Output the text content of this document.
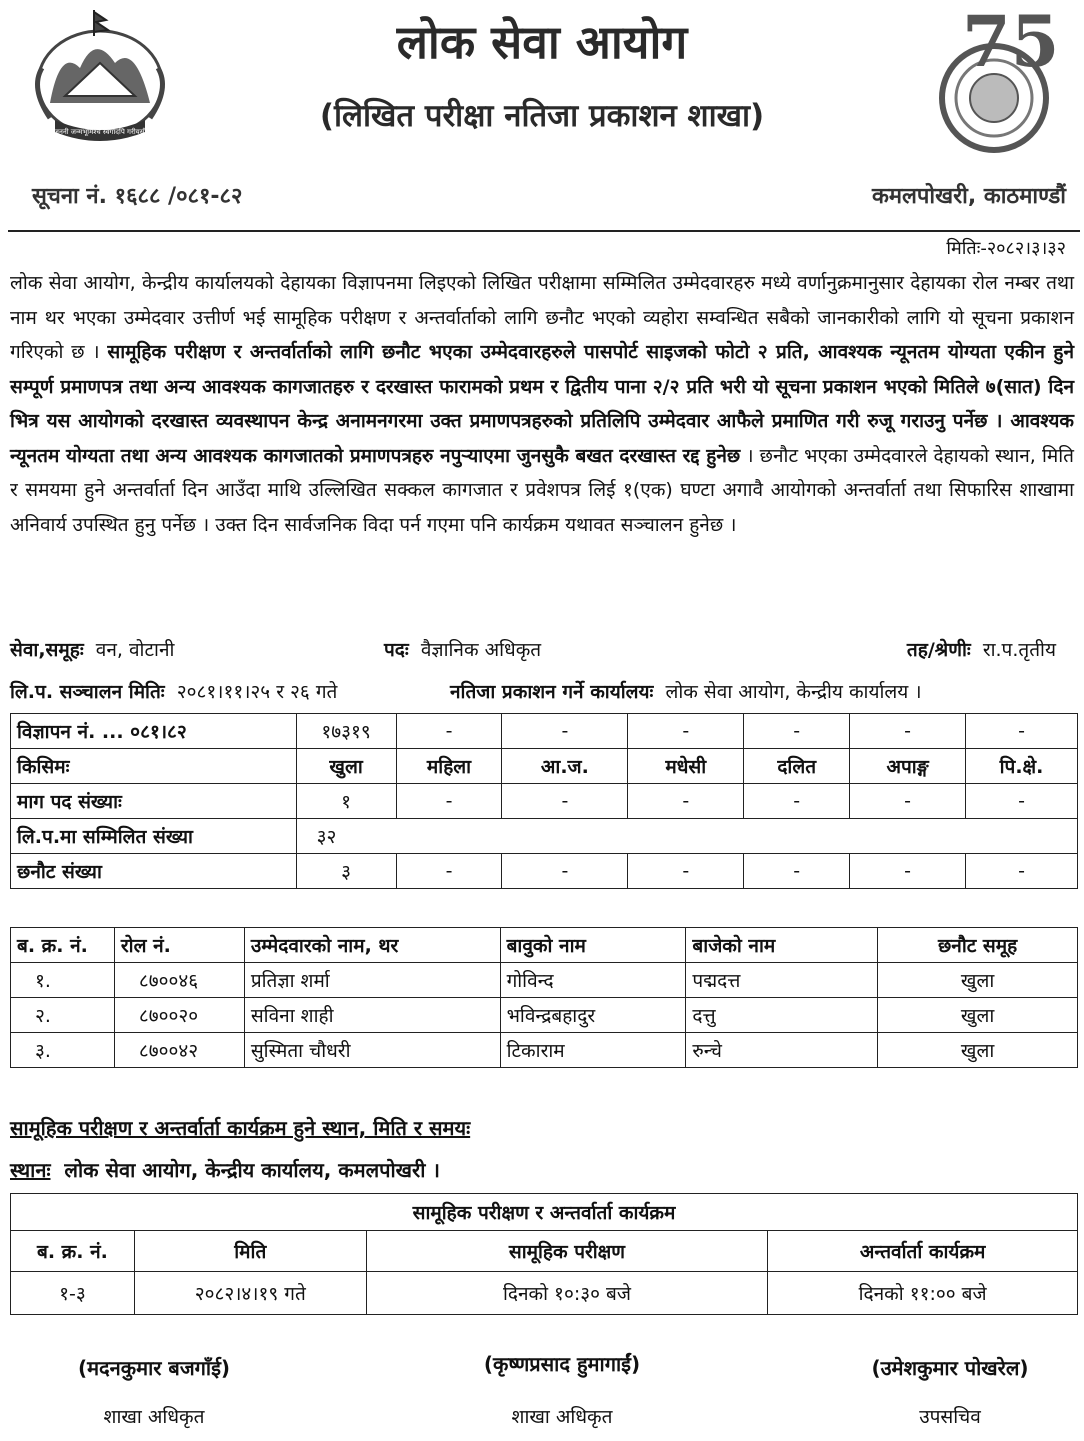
जननी जन्मभूमिश्च स्वर्गादपि गरीयसी
75
लोक सेवा आयोग
(लिखित परीक्षा नतिजा प्रकाशन शाखा)
सूचना नं. १६८८ /०८१-८२	कमलपोखरी, काठमाण्डौं
मितिः-२०८२।३।३२
लोक सेवा आयोग, केन्द्रीय कार्यालयको देहायका विज्ञापनमा लिइएको लिखित परीक्षामा सम्मिलित उम्मेदवारहरु मध्ये वर्णानुक्रमानुसार देहायका रोल नम्बर तथा नाम थर भएका उम्मेदवार उत्तीर्ण भई सामूहिक परीक्षण र अन्तर्वार्ताको लागि छनौट भएको व्यहोरा सम्वन्धित सबैको जानकारीको लागि यो सूचना प्रकाशन गरिएको छ । सामूहिक परीक्षण र अन्तर्वार्ताको लागि छनौट भएका उम्मेदवारहरुले पासपोर्ट साइजको फोटो २ प्रति, आवश्यक न्यूनतम योग्यता एकीन हुने सम्पूर्ण प्रमाणपत्र तथा अन्य आवश्यक कागजातहरु र दरखास्त फारामको प्रथम र द्वितीय पाना २/२ प्रति भरी यो सूचना प्रकाशन भएको मितिले ७(सात) दिन भित्र यस आयोगको दरखास्त व्यवस्थापन केन्द्र अनामनगरमा उक्त प्रमाणपत्रहरुको प्रतिलिपि उम्मेदवार आफैले प्रमाणित गरी रुजू गराउनु पर्नेछ । आवश्यक न्यूनतम योग्यता तथा अन्य आवश्यक कागजातको प्रमाणपत्रहरु नपुर्‍याएमा जुनसुकै बखत दरखास्त रद्द हुनेछ । छनौट भएका उम्मेदवारले देहायको स्थान, मिति र समयमा हुने अन्तर्वार्ता दिन आउँदा माथि उल्लिखित सक्कल कागजात र प्रवेशपत्र लिई १(एक) घण्टा अगावै आयोगको अन्तर्वार्ता तथा सिफारिस शाखामा अनिवार्य उपस्थित हुनु पर्नेछ । उक्त दिन सार्वजनिक विदा पर्न गएमा पनि कार्यक्रम यथावत सञ्चालन हुनेछ ।
सेवा,समूहः वन, वोटानी	पदः वैज्ञानिक अधिकृत	तह/श्रेणीः रा.प.तृतीय
लि.प. सञ्चालन मितिः २०८१।११।२५ र २६ गते	नतिजा प्रकाशन गर्ने कार्यालयः लोक सेवा आयोग, केन्द्रीय कार्यालय ।
विज्ञापन नं. ... ०८१।८२	१७३१९	-	-	-	-	-	-
किसिमः	खुला	महिला	आ.ज.	मधेसी	दलित	अपाङ्ग	पि.क्षे.
माग पद संख्याः	१	-	-	-	-	-	-
लि.प.मा सम्मिलित संख्या	३२						
छनौट संख्या	३	-	-	-	-	-	-
ब. क्र. नं.	रोल नं.	उम्मेदवारको नाम, थर	बावुको नाम	बाजेको नाम	छनौट समूह
१.	८७००४६	प्रतिज्ञा शर्मा	गोविन्द	पद्मदत्त	खुला
२.	८७००२०	सविना शाही	भविन्द्रबहादुर	दत्तु	खुला
३.	८७००४२	सुस्मिता चौधरी	टिकाराम	रुन्चे	खुला
सामूहिक परीक्षण र अन्तर्वार्ता कार्यक्रम हुने स्थान, मिति र समयः
स्थानः लोक सेवा आयोग, केन्द्रीय कार्यालय, कमलपोखरी ।
सामूहिक परीक्षण र अन्तर्वार्ता कार्यक्रम			
ब. क्र. नं.	मिति	सामूहिक परीक्षण	अन्तर्वार्ता कार्यक्रम
१-३	२०८२।४।१९ गते	दिनको १०:३० बजे	दिनको ११:०० बजे
(मदनकुमार बजगाँई)
शाखा अधिकृत
(कृष्णप्रसाद हुमागाईं)
शाखा अधिकृत
(उमेशकुमार पोखरेल)
उपसचिव
